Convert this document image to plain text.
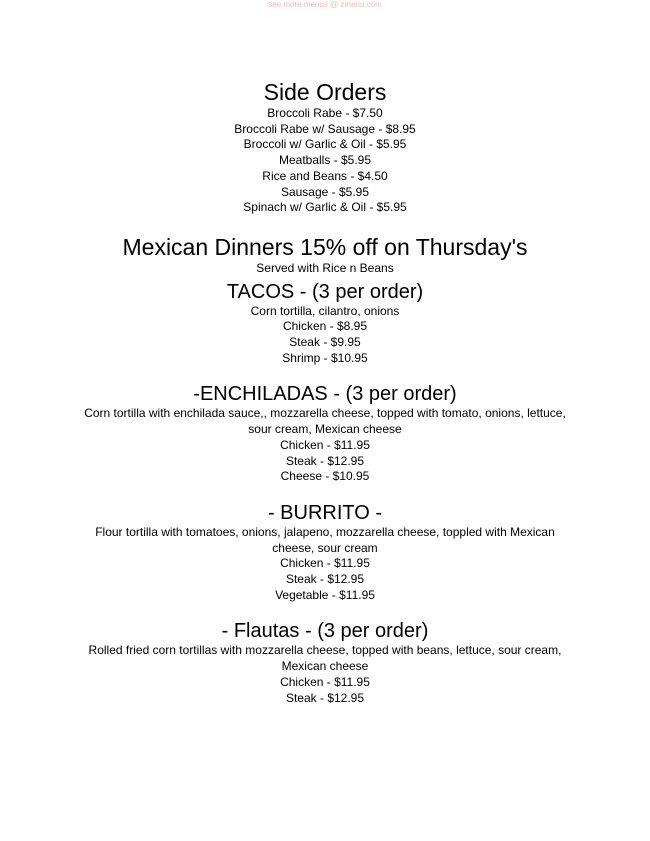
see more menus @ zmenu.com

Side Orders

Broccoli Rabe - $7.50

Broccoli Rabe w/ Sausage - $8.95

Broccoli w/ Garlic & Oil - $5.95

Meatballs - $5.95

Rice and Beans - $4.50

Sausage - $5.95

Spinach w/ Garlic & Oil - $5.95

Mexican Dinners 15% off on Thursday's

Served with Rice n Beans

TACOS - (3 per order)

Corn tortilla, cilantro, onions

Chicken - $8.95

Steak - $9.95

Shrimp - $10.95

-ENCHILADAS - (3 per order)

Corn tortilla with enchilada sauce,, mozzarella cheese, topped with tomato, onions, lettuce, sour cream, Mexican cheese

Chicken - $11.95

Steak - $12.95

Cheese - $10.95

- BURRITO -

Flour tortilla with tomatoes, onions, jalapeno, mozzarella cheese, toppled with Mexican cheese, sour cream

Chicken - $11.95

Steak - $12.95

Vegetable - $11.95

- Flautas - (3 per order)

Rolled fried corn tortillas with mozzarella cheese, topped with beans, lettuce, sour cream, Mexican cheese

Chicken - $11.95

Steak - $12.95
